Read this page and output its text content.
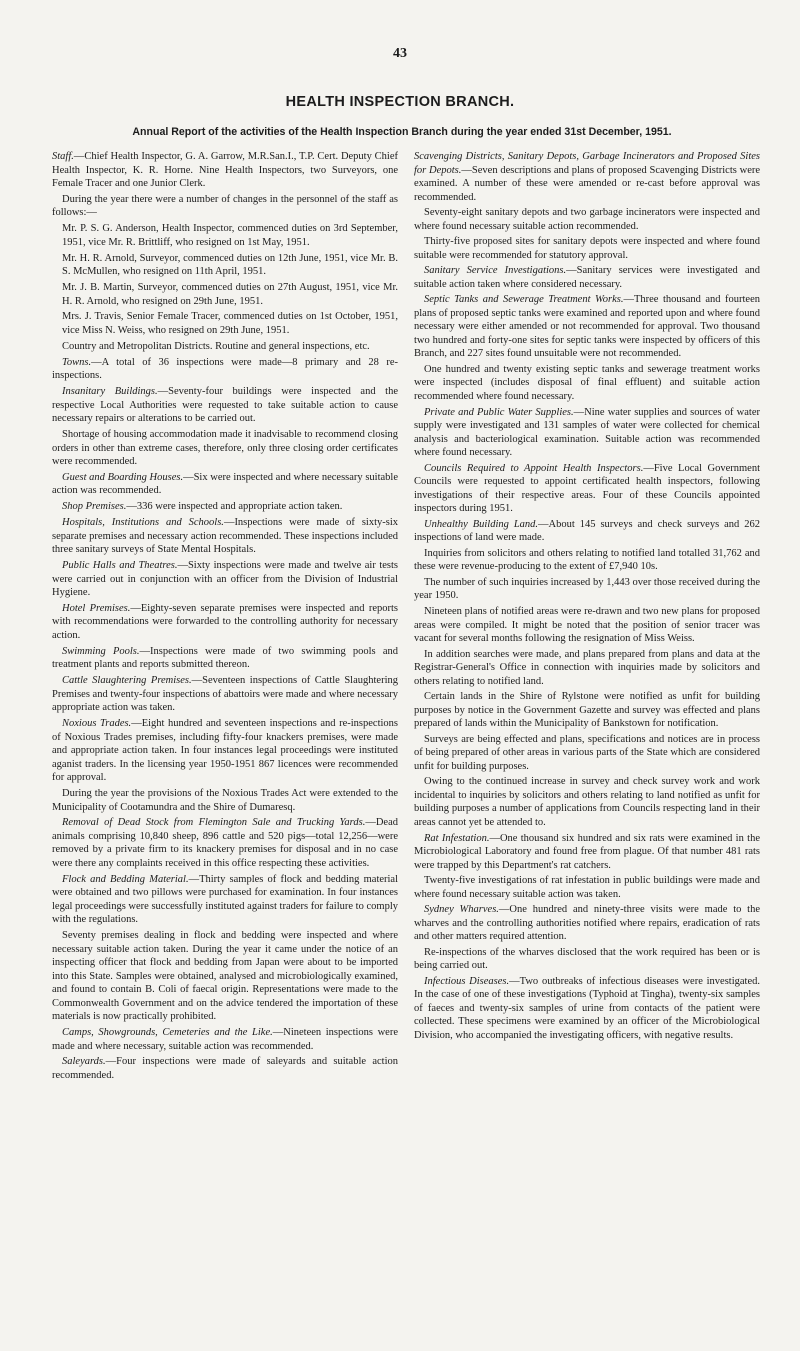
43
HEALTH INSPECTION BRANCH.
Annual Report of the activities of the Health Inspection Branch during the year ended 31st December, 1951.

Staff.—Chief Health Inspector, G. A. Garrow, M.R.San.I., T.P. Cert. Deputy Chief Health Inspector, K. R. Horne. Nine Health Inspectors, two Surveyors, one Female Tracer and one Junior Clerk.

During the year there were a number of changes in the personnel of the staff as follows:—

Mr. P. S. G. Anderson, Health Inspector, commenced duties on 3rd September, 1951, vice Mr. R. Brittliff, who resigned on 1st May, 1951.

Mr. H. R. Arnold, Surveyor, commenced duties on 12th June, 1951, vice Mr. B. S. McMullen, who resigned on 11th April, 1951.

Mr. J. B. Martin, Surveyor, commenced duties on 27th August, 1951, vice Mr. H. R. Arnold, who resigned on 29th June, 1951.

Mrs. J. Travis, Senior Female Tracer, commenced duties on 1st October, 1951, vice Miss N. Weiss, who resigned on 29th June, 1951.

Country and Metropolitan Districts. Routine and general inspections, etc.

Towns.—A total of 36 inspections were made—8 primary and 28 re-inspections.

Insanitary Buildings.—Seventy-four buildings were inspected and the respective Local Authorities were requested to take suitable action to cause necessary repairs or alterations to be carried out.

Shortage of housing accommodation made it inadvisable to recommend closing orders in other than extreme cases, therefore, only three closing order certificates were recommended.

Guest and Boarding Houses.—Six were inspected and where necessary suitable action was recommended.

Shop Premises.—336 were inspected and appropriate action taken.

Hospitals, Institutions and Schools.—Inspections were made of sixty-six separate premises and necessary action recommended. These inspections included three sanitary surveys of State Mental Hospitals.

Public Halls and Theatres.—Sixty inspections were made and twelve air tests were carried out in conjunction with an officer from the Division of Industrial Hygiene.

Hotel Premises.—Eighty-seven separate premises were inspected and reports with recommendations were forwarded to the controlling authority for necessary action.

Swimming Pools.—Inspections were made of two swimming pools and treatment plants and reports submitted thereon.

Cattle Slaughtering Premises.—Seventeen inspections of Cattle Slaughtering Premises and twenty-four inspections of abattoirs were made and where necessary appropriate action was taken.

Noxious Trades.—Eight hundred and seventeen inspections and re-inspections of Noxious Trades premises, including fifty-four knackers premises, were made and appropriate action taken. In four instances legal proceedings were instituted aganist traders. In the licensing year 1950-1951 867 licences were recommended for approval.

During the year the provisions of the Noxious Trades Act were extended to the Municipality of Cootamundra and the Shire of Dumaresq.

Removal of Dead Stock from Flemington Sale and Trucking Yards.—Dead animals comprising 10,840 sheep, 896 cattle and 520 pigs—total 12,256—were removed by a private firm to its knackery premises for disposal and in no case were there any complaints received in this office respecting these activities.

Flock and Bedding Material.—Thirty samples of flock and bedding material were obtained and two pillows were purchased for examination. In four instances legal proceedings were successfully instituted against traders for failure to comply with the regulations.

Seventy premises dealing in flock and bedding were inspected and where necessary suitable action taken. During the year it came under the notice of an inspecting officer that flock and bedding from Japan were about to be imported into this State. Samples were obtained, analysed and microbiologically examined, and found to contain B. Coli of faecal origin. Representations were made to the Commonwealth Government and on the advice tendered the importation of these materials is now practically prohibited.

Camps, Showgrounds, Cemeteries and the Like.—Nineteen inspections were made and where necessary, suitable action was recommended.

Saleyards.—Four inspections were made of saleyards and suitable action recommended.

Scavenging Districts, Sanitary Depots, Garbage Incinerators and Proposed Sites for Depots.—Seven descriptions and plans of proposed Scavenging Districts were examined. A number of these were amended or re-cast before approval was recommended.

Seventy-eight sanitary depots and two garbage incinerators were inspected and where found necessary suitable action recommended.

Thirty-five proposed sites for sanitary depots were inspected and where found suitable were recommended for statutory approval.

Sanitary Service Investigations.—Sanitary services were investigated and suitable action taken where considered necessary.

Septic Tanks and Sewerage Treatment Works.—Three thousand and fourteen plans of proposed septic tanks were examined and reported upon and where found necessary were either amended or not recommended for approval. Two thousand two hundred and forty-one sites for septic tanks were inspected by officers of this Branch, and 227 sites found unsuitable were not recommended.

One hundred and twenty existing septic tanks and sewerage treatment works were inspected (includes disposal of final effluent) and suitable action recommended where found necessary.

Private and Public Water Supplies.—Nine water supplies and sources of water supply were investigated and 131 samples of water were collected for chemical analysis and bacteriological examination. Suitable action was recommended where found necessary.

Councils Required to Appoint Health Inspectors.—Five Local Government Councils were requested to appoint certificated health inspectors, following investigations of their respective areas. Four of these Councils appointed inspectors during 1951.

Unhealthy Building Land.—About 145 surveys and check surveys and 262 inspections of land were made.

Inquiries from solicitors and others relating to notified land totalled 31,762 and these were revenue-producing to the extent of £7,940 10s.

The number of such inquiries increased by 1,443 over those received during the year 1950.

Nineteen plans of notified areas were re-drawn and two new plans for proposed areas were compiled. It might be noted that the position of senior tracer was vacant for several months following the resignation of Miss Weiss.

In addition searches were made, and plans prepared from plans and data at the Registrar-General's Office in connection with inquiries made by solicitors and others relating to notified land.

Certain lands in the Shire of Rylstone were notified as unfit for building purposes by notice in the Government Gazette and survey was effected and plans prepared of lands within the Municipality of Bankstown for notification.

Surveys are being effected and plans, specifications and notices are in process of being prepared of other areas in various parts of the State which are considered unfit for building purposes.

Owing to the continued increase in survey and check survey work and work incidental to inquiries by solicitors and others relating to land notified as unfit for building purposes a number of applications from Councils respecting land in their areas cannot yet be attended to.

Rat Infestation.—One thousand six hundred and six rats were examined in the Microbiological Laboratory and found free from plague. Of that number 481 rats were trapped by this Department's rat catchers.

Twenty-five investigations of rat infestation in public buildings were made and where found necessary suitable action was taken.

Sydney Wharves.—One hundred and ninety-three visits were made to the wharves and the controlling authorities notified where repairs, eradication of rats and other matters required attention.

Re-inspections of the wharves disclosed that the work required has been or is being carried out.

Infectious Diseases.—Two outbreaks of infectious diseases were investigated. In the case of one of these investigations (Typhoid at Tingha), twenty-six samples of faeces and twenty-six samples of urine from contacts of the patient were collected. These specimens were examined by an officer of the Microbiological Division, who accompanied the investigating officers, with negative results.
